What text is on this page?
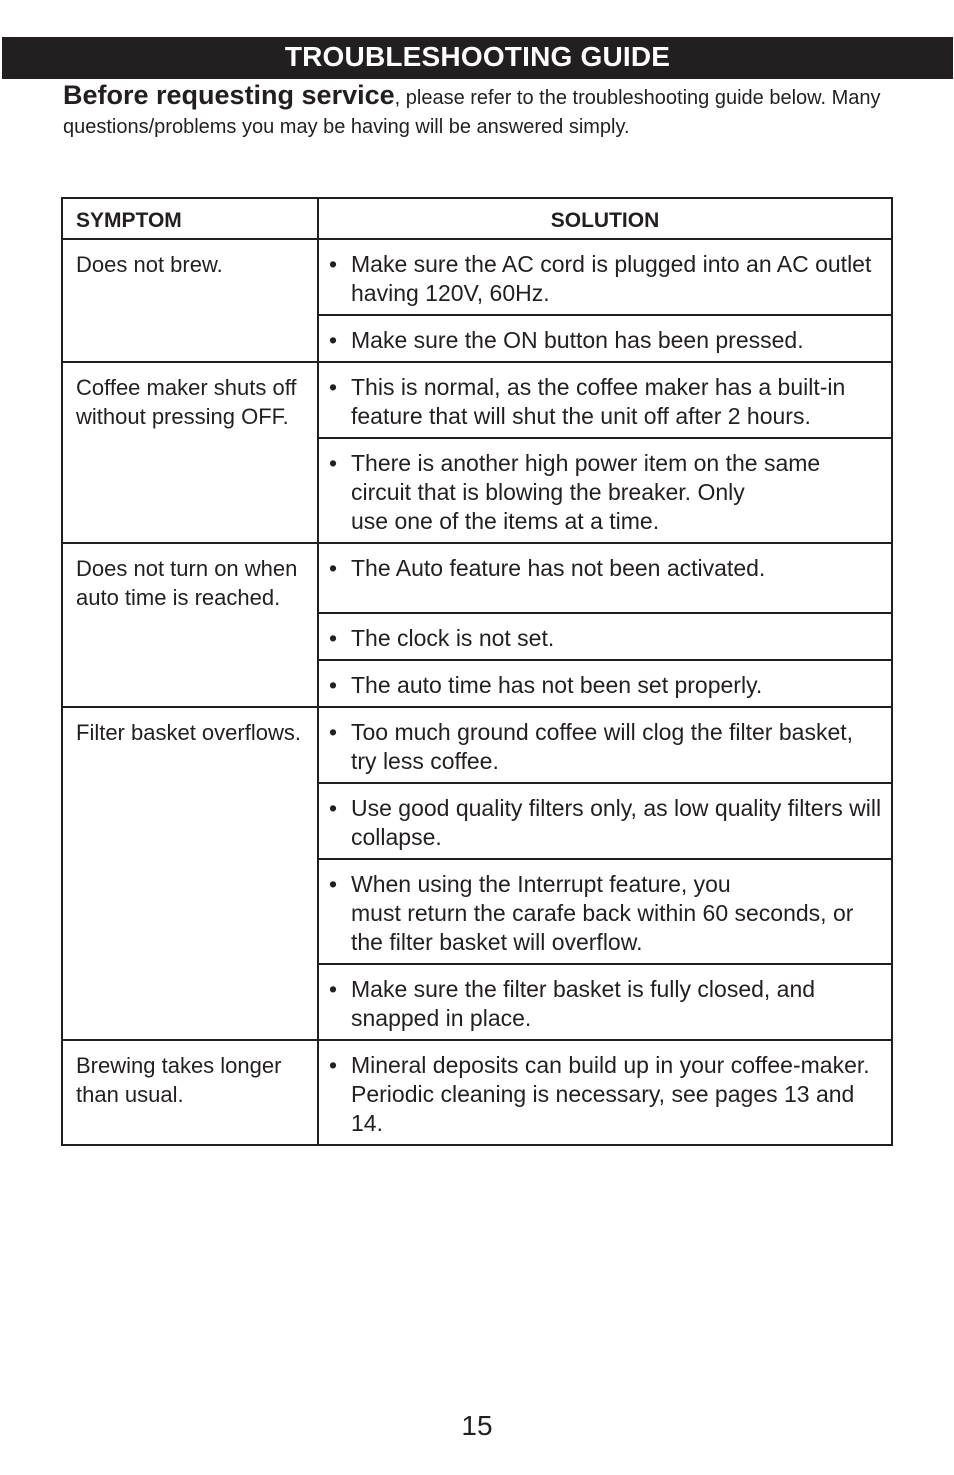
TROUBLESHOOTING GUIDE
Before requesting service, please refer to the troubleshooting guide below. Many questions/problems you may be having will be answered simply.
SYMPTOM	SOLUTION
Does not brew.	• Make sure the AC cord is plugged into an AC outlet having 120V, 60Hz.

	• Make sure the ON button has been pressed.

Coffee maker shuts off without pressing OFF.	• This is normal, as the coffee maker has a built-in feature that will shut the unit off after 2 hours.

	• There is another high power item on the same circuit that is blowing the breaker. Only
use one of the items at a time.

Does not turn on when auto time is reached.	• The Auto feature has not been activated.

	• The clock is not set.

	• The auto time has not been set properly.

Filter basket overflows.	• Too much ground coffee will clog the filter basket, try less coffee.

	• Use good quality filters only, as low quality filters will collapse.

	• When using the Interrupt feature, you
must return the carafe back within 60 seconds, or the filter basket will overflow.

	• Make sure the filter basket is fully closed, and snapped in place.

Brewing takes longer than usual.	• Mineral deposits can build up in your coffee-maker. Periodic cleaning is necessary, see pages 13 and 14.
15
